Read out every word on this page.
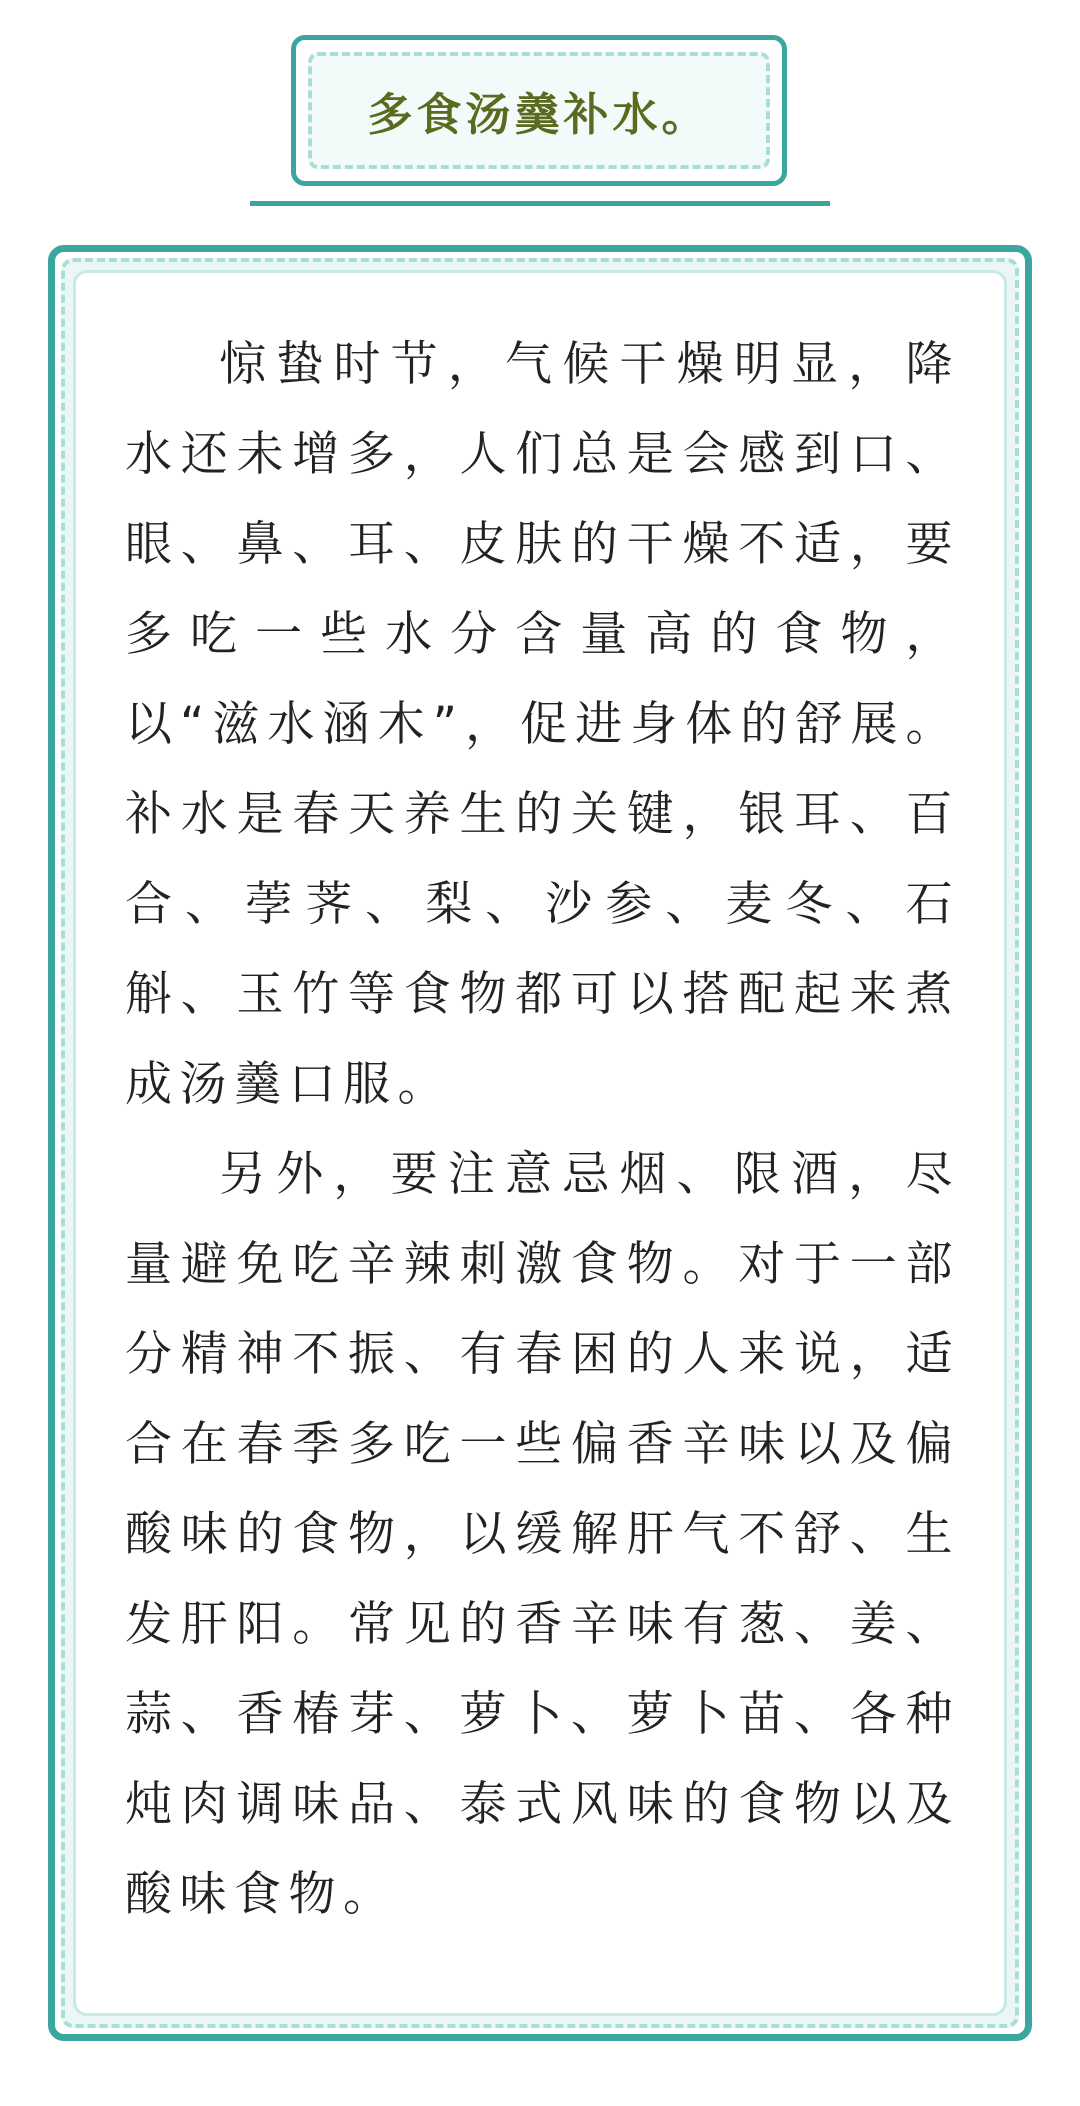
多食汤羹补水。

惊蛰时节，气候干燥明显，降水还未增多，人们总是会感到口、眼、鼻、耳、皮肤的干燥不适，要多吃一些水分含量高的食物，以“滋水涵木”，促进身体的舒展。补水是春天养生的关键，银耳、百合、荸荠、梨、沙参、麦冬、石斛、玉竹等食物都可以搭配起来煮成汤羹口服。

另外，要注意忌烟、限酒，尽量避免吃辛辣刺激食物。对于一部分精神不振、有春困的人来说，适合在春季多吃一些偏香辛味以及偏酸味的食物，以缓解肝气不舒、生发肝阳。常见的香辛味有葱、姜、蒜、香椿芽、萝卜、萝卜苗、各种炖肉调味品、泰式风味的食物以及酸味食物。
